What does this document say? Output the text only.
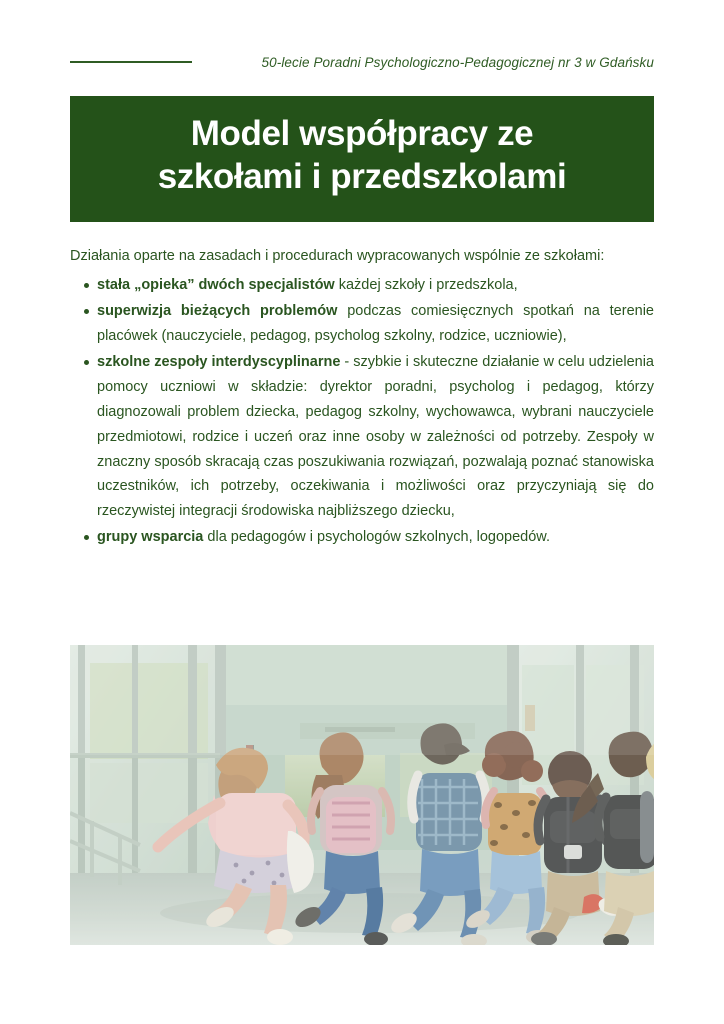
50-lecie Poradni Psychologiczno-Pedagogicznej nr 3 w Gdańsku
Model współpracy ze
szkołami i przedszkolami

Działania oparte na zasadach i procedurach wypracowanych wspólnie ze szkołami:

stała „opieka” dwóch specjalistów każdej szkoły i przedszkola,
superwizja bieżących problemów podczas comiesięcznych spotkań na terenie placówek (nauczyciele, pedagog, psycholog szkolny, rodzice, uczniowie),
szkolne zespoły interdyscyplinarne - szybkie i skuteczne działanie w celu udzielenia pomocy uczniowi w składzie: dyrektor poradni, psycholog i pedagog, którzy diagnozowali problem dziecka, pedagog szkolny, wychowawca, wybrani nauczyciele przedmiotowi, rodzice i uczeń oraz inne osoby w zależności od potrzeby. Zespoły w znaczny sposób skracają czas poszukiwania rozwiązań, pozwalają poznać stanowiska uczestników, ich potrzeby, oczekiwania i możliwości oraz przyczyniają się do rzeczywistej integracji środowiska najbliższego dziecku,
grupy wsparcia dla pedagogów i psychologów szkolnych, logopedów.
